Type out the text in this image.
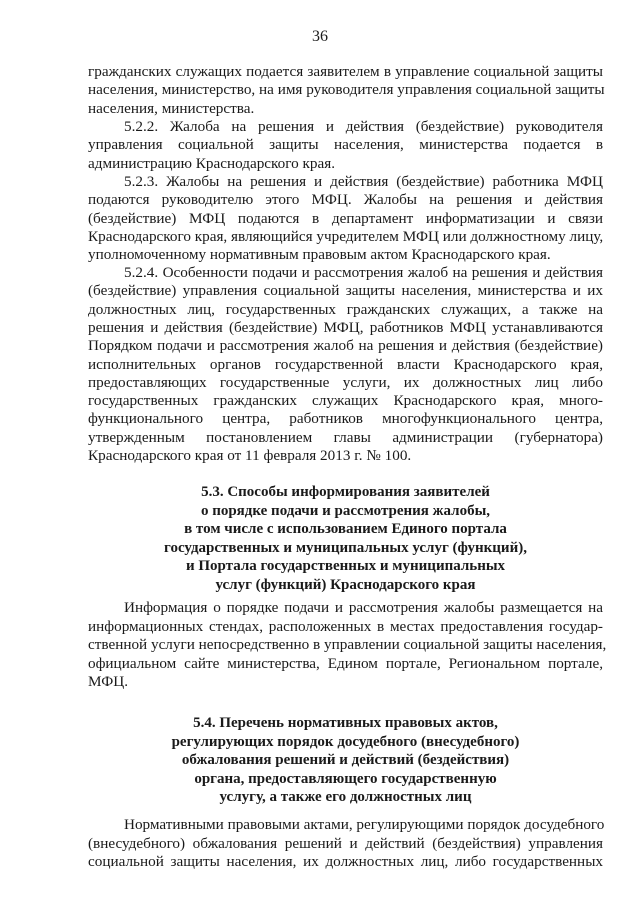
36
гражданских служащих подается заявителем в управление социальной защиты
населения, министерство, на имя руководителя управления социальной защиты
населения, министерства.
5.2.2. Жалоба на решения и действия (бездействие) руководителя
управления социальной защиты населения, министерства подается в
администрацию Краснодарского края.
5.2.3. Жалобы на решения и действия (бездействие) работника МФЦ
подаются руководителю этого МФЦ. Жалобы на решения и действия
(бездействие) МФЦ подаются в департамент информатизации и связи
Краснодарского края, являющийся учредителем МФЦ или должностному лицу,
уполномоченному нормативным правовым актом Краснодарского края.
5.2.4. Особенности подачи и рассмотрения жалоб на решения и действия
(бездействие) управления социальной защиты населения, министерства и их
должностных лиц, государственных гражданских служащих, а также на
решения и действия (бездействие) МФЦ, работников МФЦ устанавливаются
Порядком подачи и рассмотрения жалоб на решения и действия (бездействие)
исполнительных органов государственной власти Краснодарского края,
предоставляющих государственные услуги, их должностных лиц либо
государственных гражданских служащих Краснодарского края, много-
функционального центра, работников многофункционального центра,
утвержденным постановлением главы администрации (губернатора)
Краснодарского края от 11 февраля 2013 г. № 100.
5.3. Способы информирования заявителей
о порядке подачи и рассмотрения жалобы,
в том числе с использованием Единого портала
государственных и муниципальных услуг (функций),
и Портала государственных и муниципальных
услуг (функций) Краснодарского края
Информация о порядке подачи и рассмотрения жалобы размещается на
информационных стендах, расположенных в местах предоставления государ-
ственной услуги непосредственно в управлении социальной защиты населения,
официальном сайте министерства, Едином портале, Региональном портале,
МФЦ.
5.4. Перечень нормативных правовых актов,
регулирующих порядок досудебного (внесудебного)
обжалования решений и действий (бездействия)
органа, предоставляющего государственную
услугу, а также его должностных лиц
Нормативными правовыми актами, регулирующими порядок досудебного
(внесудебного) обжалования решений и действий (бездействия) управления
социальной защиты населения, их должностных лиц, либо государственных
